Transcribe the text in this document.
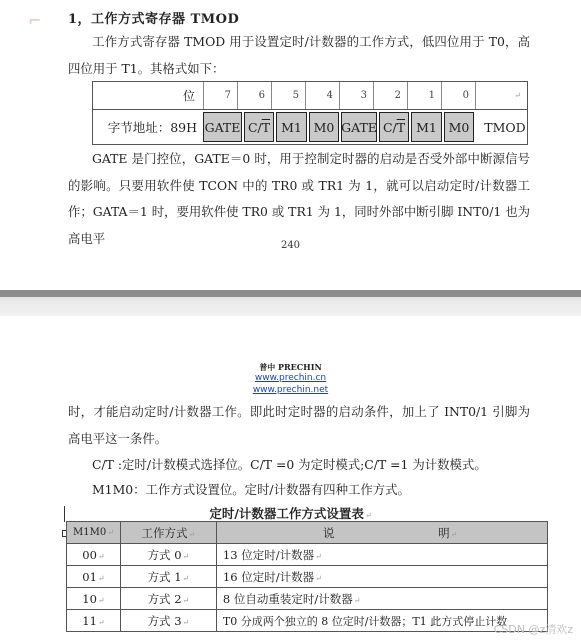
⌐ 1，工作方式寄存器 TMOD
工作方式寄存器 TMOD 用于设置定时/计数器的工作方式，低四位用于 T0，高四位用于 T1。其格式如下：
位	7	6	5	4	3	2	1	0	↵
字节地址：89H GATE C/ $\overline{T}$ M1 M0 GATE C/ $\overline{T}$ M1 M0	TMOD
GATE 是门控位，GATE＝0 时，用于控制定时器的启动是否受外部中断源信号的影响。只要用软件使 TCON 中的 TR0 或 TR1 为 1，就可以启动定时/计数器工作；GATA＝1 时，要用软件使 TR0 或 TR1 为 1，同时外部中断引脚 INT0/1 也为高电平	240
普中 PRECHIN
www.prechin.cn
www.prechin.net
时，才能启动定时/计数器工作。即此时定时器的启动条件，加上了 INT0/1 引脚为高电平这一条件。
C/T :定时/计数模式选择位。C/T =0 为定时模式;C/T =1 为计数模式。
M1M0：工作方式设置位。定时/计数器有四种工作方式。
定时/计数器工作方式设置表↵
M1M0↵	工作方式↵	说 明↵
00↵	方式 0↵	13 位定时/计数器↵
01↵	方式 1↵	16 位定时/计数器↵
10↵	方式 2↵	8 位自动重装定时/计数器↵
11↵	方式 3↵	T0 分成两个独立的 8 位定时/计数器；T1 此方式停止计数
CSDN @z清欢z
